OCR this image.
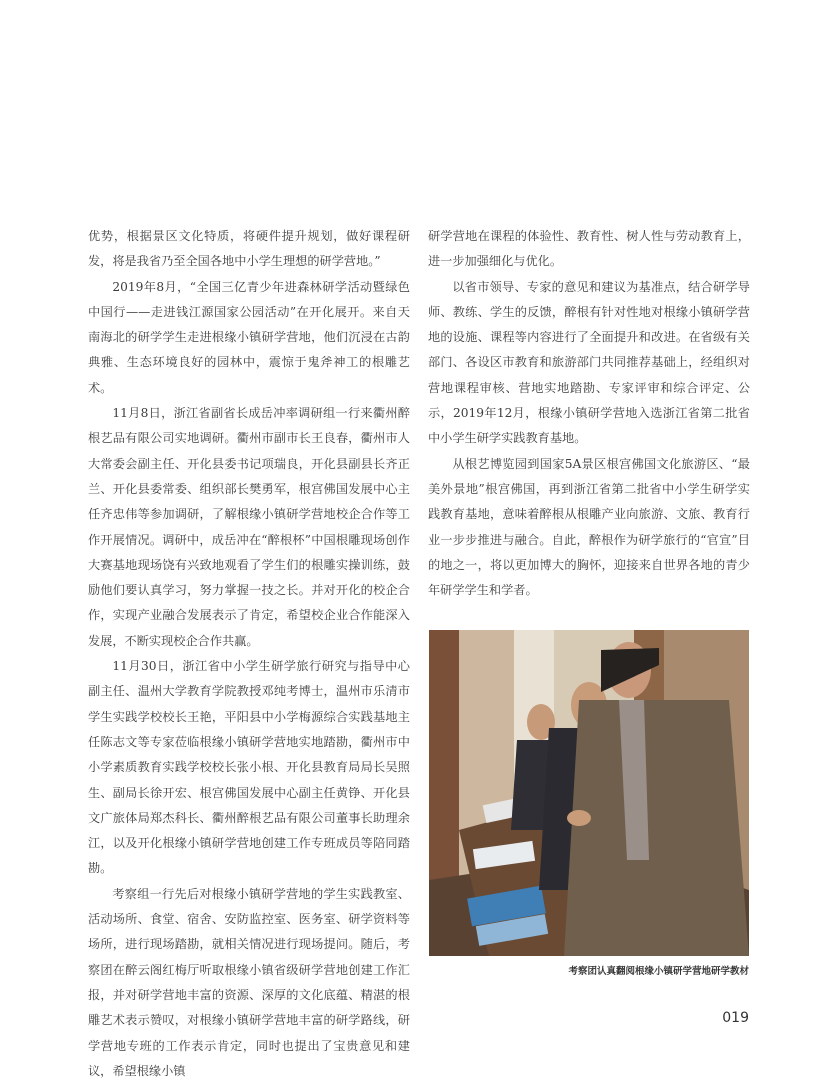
优势，根据景区文化特质，将硬件提升规划，做好课程研发，将是我省乃至全国各地中小学生理想的研学营地。”

2019年8月，“全国三亿青少年进森林研学活动暨绿色中国行——走进钱江源国家公园活动”在开化展开。来自天南海北的研学学生走进根缘小镇研学营地，他们沉浸在古韵典雅、生态环境良好的园林中，震惊于鬼斧神工的根雕艺术。

11月8日，浙江省副省长成岳冲率调研组一行来衢州醉根艺品有限公司实地调研。衢州市副市长王良春，衢州市人大常委会副主任、开化县委书记项瑞良，开化县副县长齐正兰、开化县委常委、组织部长樊勇军，根宫佛国发展中心主任齐忠伟等参加调研，了解根缘小镇研学营地校企合作等工作开展情况。调研中，成岳冲在“醉根杯”中国根雕现场创作大赛基地现场饶有兴致地观看了学生们的根雕实操训练，鼓励他们要认真学习，努力掌握一技之长。并对开化的校企合作，实现产业融合发展表示了肯定，希望校企业合作能深入发展，不断实现校企合作共赢。

11月30日，浙江省中小学生研学旅行研究与指导中心副主任、温州大学教育学院教授邓纯考博士，温州市乐清市学生实践学校校长王艳，平阳县中小学梅源综合实践基地主任陈志文等专家莅临根缘小镇研学营地实地踏勘，衢州市中小学素质教育实践学校校长张小根、开化县教育局局长吴照生、副局长徐开宏、根宫佛国发展中心副主任黄铮、开化县文广旅体局郑杰科长、衢州醉根艺品有限公司董事长助理余江，以及开化根缘小镇研学营地创建工作专班成员等陪同踏勘。

考察组一行先后对根缘小镇研学营地的学生实践教室、活动场所、食堂、宿舍、安防监控室、医务室、研学资料等场所，进行现场踏勘，就相关情况进行现场提问。随后，考察团在醉云阁红梅厅听取根缘小镇省级研学营地创建工作汇报，并对研学营地丰富的资源、深厚的文化底蕴、精湛的根雕艺术表示赞叹，对根缘小镇研学营地丰富的研学路线，研学营地专班的工作表示肯定，同时也提出了宝贵意见和建议，希望根缘小镇

研学营地在课程的体验性、教育性、树人性与劳动教育上，进一步加强细化与优化。

以省市领导、专家的意见和建议为基准点，结合研学导师、教练、学生的反馈，醉根有针对性地对根缘小镇研学营地的设施、课程等内容进行了全面提升和改进。在省级有关部门、各设区市教育和旅游部门共同推荐基础上，经组织对营地课程审核、营地实地踏勘、专家评审和综合评定、公示，2019年12月，根缘小镇研学营地入选浙江省第二批省中小学生研学实践教育基地。

从根艺博览园到国家5A景区根宫佛国文化旅游区、“最美外景地”根宫佛国，再到浙江省第二批省中小学生研学实践教育基地，意味着醉根从根雕产业向旅游、文旅、教育行业一步步推进与融合。自此，醉根作为研学旅行的“官宣”目的地之一，将以更加博大的胸怀，迎接来自世界各地的青少年研学学生和学者。

考察团认真翻阅根缘小镇研学营地研学教材
019
